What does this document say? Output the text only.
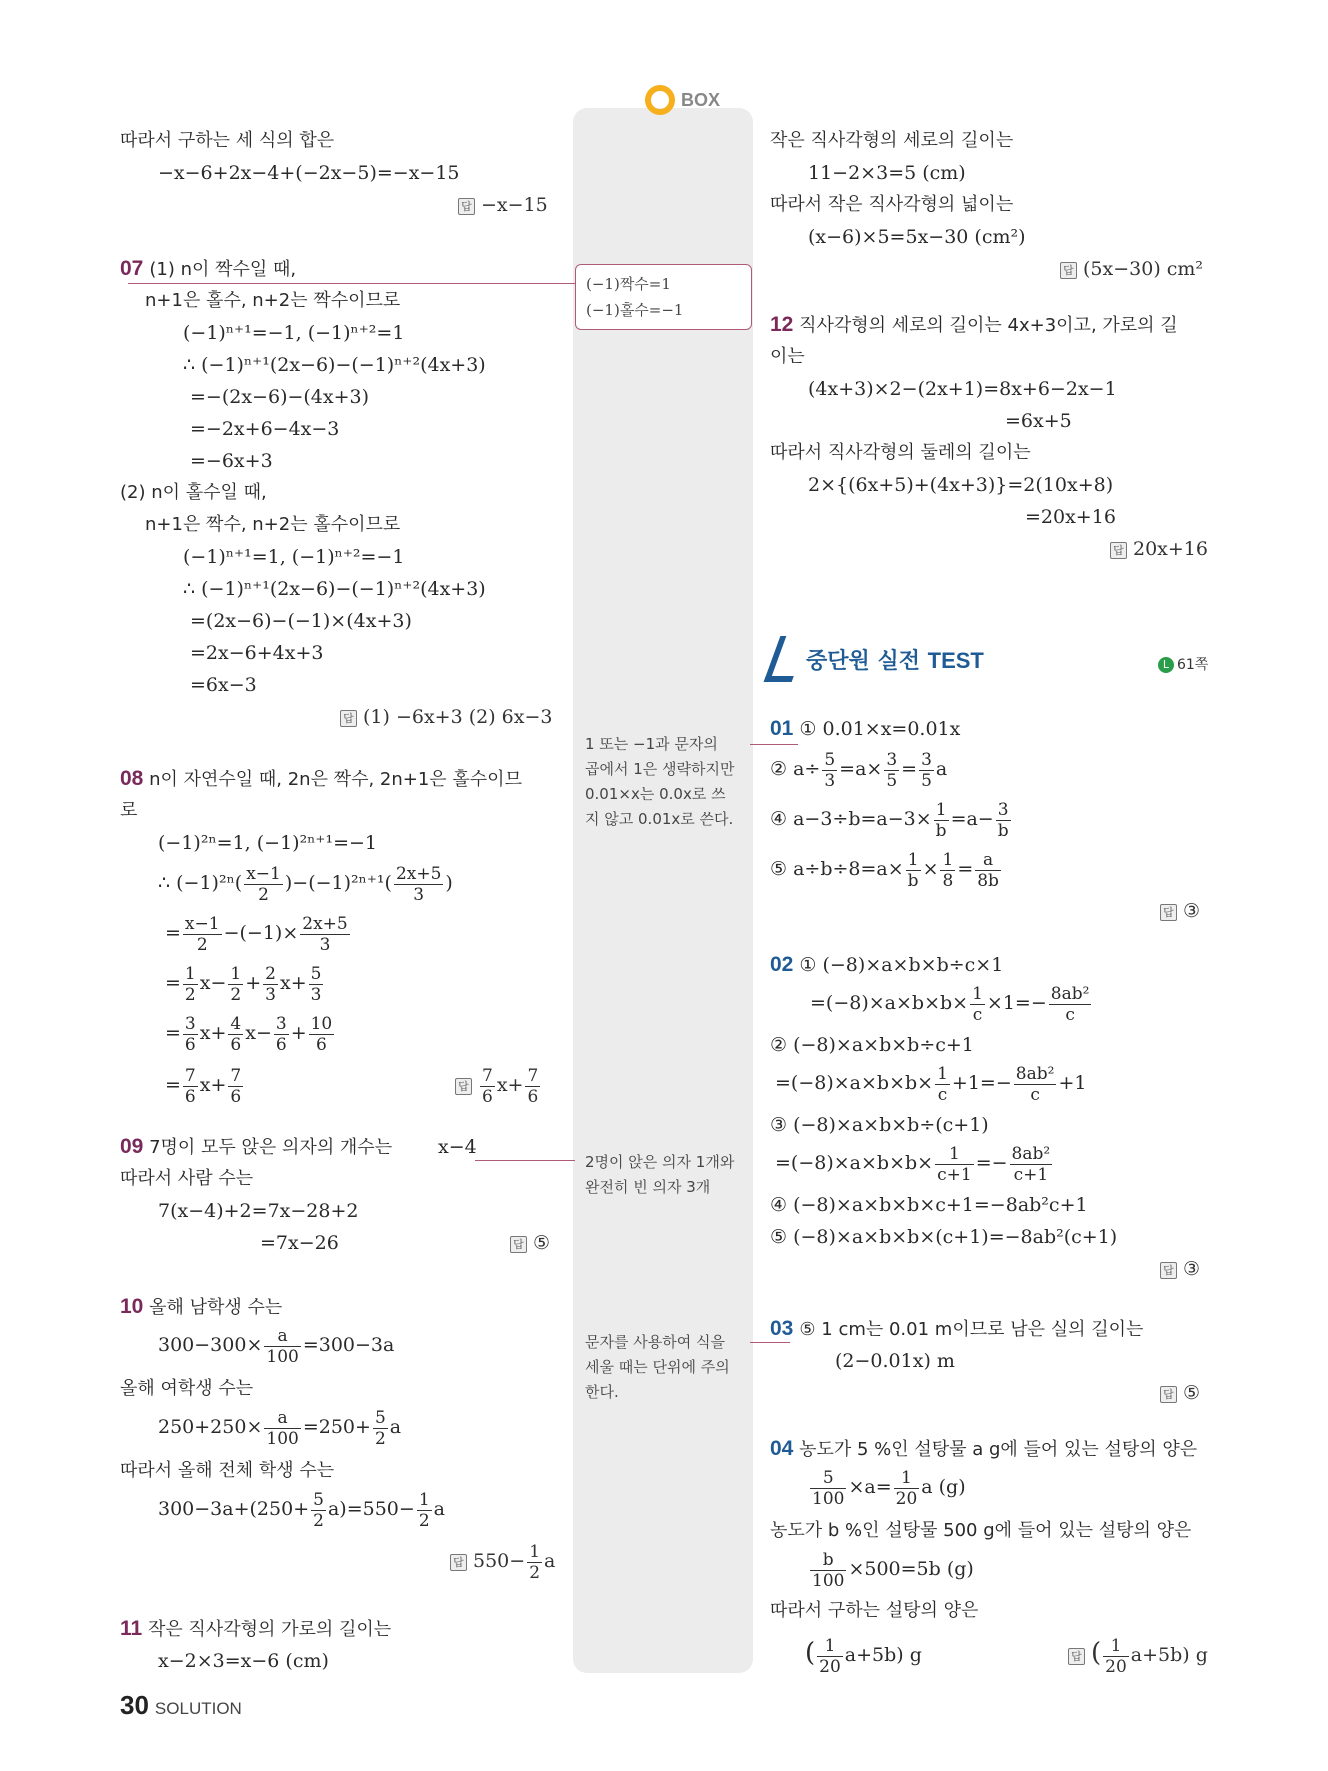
BOX
따라서 구하는 세 식의 합은
−x−6+2x−4+(−2x−5)=−x−15
답 −x−15
07 (1) n이 짝수일 때,
n+1은 홀수, n+2는 짝수이므로
(−1)ⁿ⁺¹=−1, (−1)ⁿ⁺²=1
∴ (−1)ⁿ⁺¹(2x−6)−(−1)ⁿ⁺²(4x+3)
=−(2x−6)−(4x+3)
=−2x+6−4x−3
=−6x+3
(2) n이 홀수일 때,
n+1은 짝수, n+2는 홀수이므로
(−1)ⁿ⁺¹=1, (−1)ⁿ⁺²=−1
∴ (−1)ⁿ⁺¹(2x−6)−(−1)ⁿ⁺²(4x+3)
=(2x−6)−(−1)×(4x+3)
=2x−6+4x+3
=6x−3
답 (1) −6x+3 (2) 6x−3
08 n이 자연수일 때, 2n은 짝수, 2n+1은 홀수이므
로
(−1)²ⁿ=1, (−1)²ⁿ⁺¹=−1
∴ $(-1)^{2n}( \frac{x-1}{2} )-(-1)^{2n+1}( \frac{2x+5}{3}$ )
= $\frac{x-1}{2} -(-1)\times \frac{2x+5}{3}$
= $\frac{1}{2} x- \frac{1}{2} + \frac{2}{3} x+ \frac{5}{3}$
= $\frac{3}{6} x+ \frac{4}{6} x- \frac{3}{6} + \frac{10}{6}$
= $\frac{7}{6} x+ \frac{7}{6}$	답 $\frac{7}{6} x+ \frac{7}{6}$
09 7명이 모두 앉은 의자의 개수는 x−4
따라서 사람 수는
7(x−4)+2=7x−28+2
=7x−26	답 ⑤
10 올해 남학생 수는
$300-300\times \frac{a}{100} =300-3a$
올해 여학생 수는
$250+250\times \frac{a}{100} =250+ \frac{5}{2}$ a
따라서 올해 전체 학생 수는
$300-3a+(250+ \frac{5}{2} a)=550- \frac{1}{2}$ a
답 $550- \frac{1}{2}$ a
11 작은 직사각형의 가로의 길이는
x−2×3=x−6 (cm)
(−1)짝수=1
(−1)홀수=−1
1 또는 −1과 문자의
곱에서 1은 생략하지만
0.01×x는 0.0x로 쓰
지 않고 0.01x로 쓴다.
2명이 앉은 의자 1개와
완전히 빈 의자 3개
문자를 사용하여 식을
세울 때는 단위에 주의
한다.
작은 직사각형의 세로의 길이는
11−2×3=5 (cm)
따라서 작은 직사각형의 넓이는
(x−6)×5=5x−30 (cm²)
답 (5x−30) cm²
12 직사각형의 세로의 길이는 4x+3이고, 가로의 길
이는
(4x+3)×2−(2x+1)=8x+6−2x−1
=6x+5
따라서 직사각형의 둘레의 길이는
2×{(6x+5)+(4x+3)}=2(10x+8)
=20x+16
답 20x+16
중단원 실전 TEST	L 61쪽
01 ① 0.01×x=0.01x
② $a\div \frac{5}{3} =a\times \frac{3}{5} = \frac{3}{5}$ a
④ $a-3\div b=a-3\times \frac{1}{b} =a- \frac{3}{b}$
⑤ $a\div b\div 8=a\times \frac{1}{b} \times \frac{1}{8} = \frac{a}{8b}$
답 ③
02 ① (−8)×a×b×b÷c×1
$=(-8)\times a\times b\times b\times \frac{1}{c} \times 1=- \frac{\text{8ab²}}{c}$
② (−8)×a×b×b÷c+1
$=(-8)\times a\times b\times b\times \frac{1}{c} +1=- \frac{\text{8ab²}}{c} +1$
③ (−8)×a×b×b÷(c+1)
$=(-8)\times a\times b\times b\times \frac{1}{c+1} =- \frac{\text{8ab²}}{c+1}$
④ (−8)×a×b×b×c+1=−8ab²c+1
⑤ (−8)×a×b×b×(c+1)=−8ab²(c+1)
답 ③
03 ⑤ 1 cm는 0.01 m이므로 남은 실의 길이는
(2−0.01x) m
답 ⑤
04 농도가 5 %인 설탕물 a g에 들어 있는 설탕의 양은
$\frac{5}{100} \times a= \frac{1}{20}$ a (g)
농도가 b %인 설탕물 500 g에 들어 있는 설탕의 양은
$\frac{b}{100} \times 500=5b$ (g)
따라서 구하는 설탕의 양은
( $\frac{1}{20} a+5b$) g	답 ( $\frac{1}{20} a+5b$) g
30 SOLUTION
